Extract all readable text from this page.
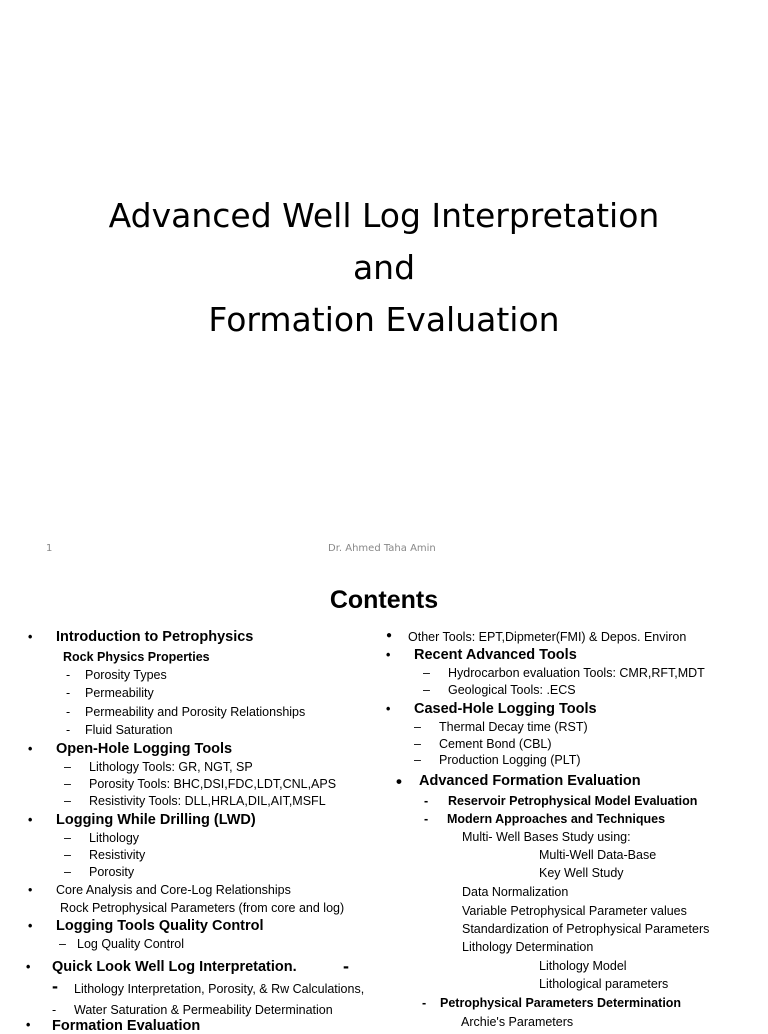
Advanced Well Log Interpretation
and
Formation Evaluation
1	Dr. Ahmed Taha Amin
Contents
• Introduction to Petrophysics
Rock Physics Properties
- Porosity Types
- Permeability
- Permeability and Porosity Relationships
- Fluid Saturation
• Open-Hole Logging Tools
– Lithology Tools: GR, NGT, SP
– Porosity Tools: BHC,DSI,FDC,LDT,CNL,APS
– Resistivity Tools: DLL,HRLA,DIL,AIT,MSFL
• Logging While Drilling (LWD)
– Lithology
– Resistivity
– Porosity
• Core Analysis and Core-Log Relationships
Rock Petrophysical Parameters (from core and log)
• Logging Tools Quality Control
– Log Quality Control
• Quick Look Well Log Interpretation.	-
- Lithology Interpretation, Porosity, & Rw Calculations,
- Water Saturation & Permeability Determination
• Formation Evaluation
● Other Tools: EPT,Dipmeter(FMI) & Depos. Environ
• Recent Advanced Tools
– Hydrocarbon evaluation Tools: CMR,RFT,MDT
– Geological Tools: .ECS
• Cased-Hole Logging Tools
– Thermal Decay time (RST)
– Cement Bond (CBL)
– Production Logging (PLT)
• Advanced Formation Evaluation
- Reservoir Petrophysical Model Evaluation
- Modern Approaches and Techniques
Multi- Well Bases Study using:
Multi-Well Data-Base
Key Well Study
Data Normalization
Variable Petrophysical Parameter values
Standardization of Petrophysical Parameters
Lithology Determination
Lithology Model
Lithological parameters
- Petrophysical Parameters Determination
Archie's Parameters
